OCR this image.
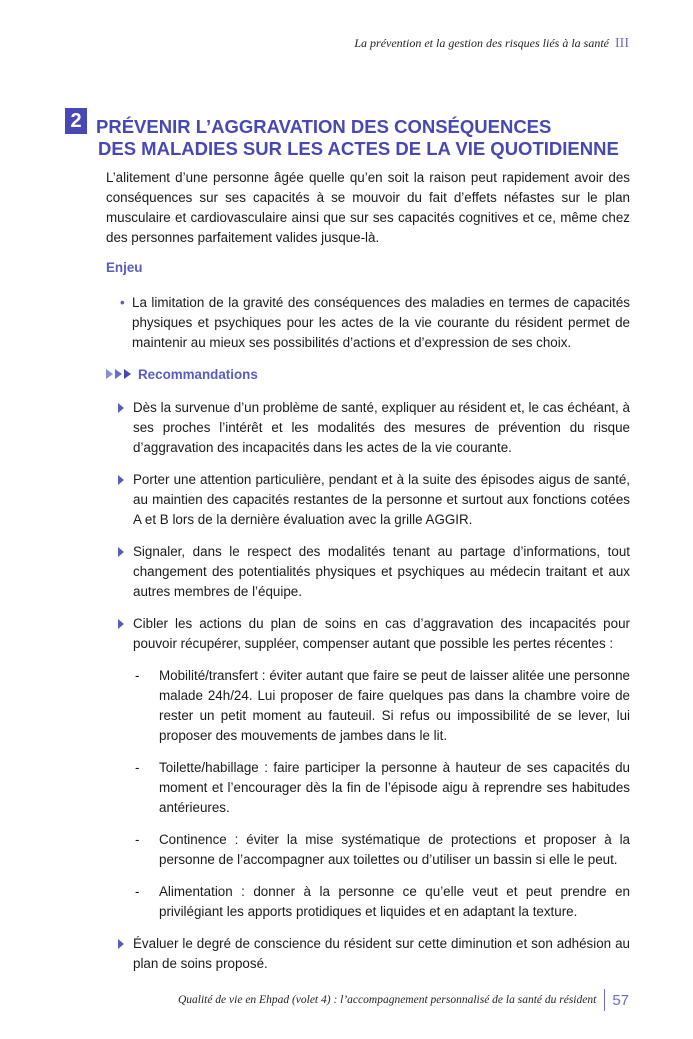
La prévention et la gestion des risques liés à la santé III
2 PRÉVENIR L’AGGRAVATION DES CONSÉQUENCES
DES MALADIES SUR LES ACTES DE LA VIE QUOTIDIENNE

L’alitement d’une personne âgée quelle qu’en soit la raison peut rapidement avoir des conséquences sur ses capacités à se mouvoir du fait d’effets néfastes sur le plan musculaire et cardiovasculaire ainsi que sur ses capacités cognitives et ce, même chez des personnes parfaitement valides jusque-là.

Enjeu
• La limitation de la gravité des conséquences des maladies en termes de capacités physiques et psychiques pour les actes de la vie courante du résident permet de maintenir au mieux ses possibilités d’actions et d’expression de ses choix.
Recommandations
Dès la survenue d’un problème de santé, expliquer au résident et, le cas échéant, à ses proches l’intérêt et les modalités des mesures de prévention du risque d’aggravation des incapacités dans les actes de la vie courante.
Porter une attention particulière, pendant et à la suite des épisodes aigus de santé, au maintien des capacités restantes de la personne et surtout aux fonctions cotées A et B lors de la dernière évaluation avec la grille AGGIR.
Signaler, dans le respect des modalités tenant au partage d’informations, tout changement des potentialités physiques et psychiques au médecin traitant et aux autres membres de l’équipe.
Cibler les actions du plan de soins en cas d’aggravation des incapacités pour pouvoir récupérer, suppléer, compenser autant que possible les pertes récentes :
- Mobilité/transfert : éviter autant que faire se peut de laisser alitée une personne malade 24h/24. Lui proposer de faire quelques pas dans la chambre voire de rester un petit moment au fauteuil. Si refus ou impossibilité de se lever, lui proposer des mouvements de jambes dans le lit.
- Toilette/habillage : faire participer la personne à hauteur de ses capacités du moment et l’encourager dès la fin de l’épisode aigu à reprendre ses habitudes antérieures.
- Continence : éviter la mise systématique de protections et proposer à la personne de l’accompagner aux toilettes ou d’utiliser un bassin si elle le peut.
- Alimentation : donner à la personne ce qu’elle veut et peut prendre en privilégiant les apports protidiques et liquides et en adaptant la texture.
Évaluer le degré de conscience du résident sur cette diminution et son adhésion au plan de soins proposé.
Qualité de vie en Ehpad (volet 4) : l’accompagnement personnalisé de la santé du résident	57
